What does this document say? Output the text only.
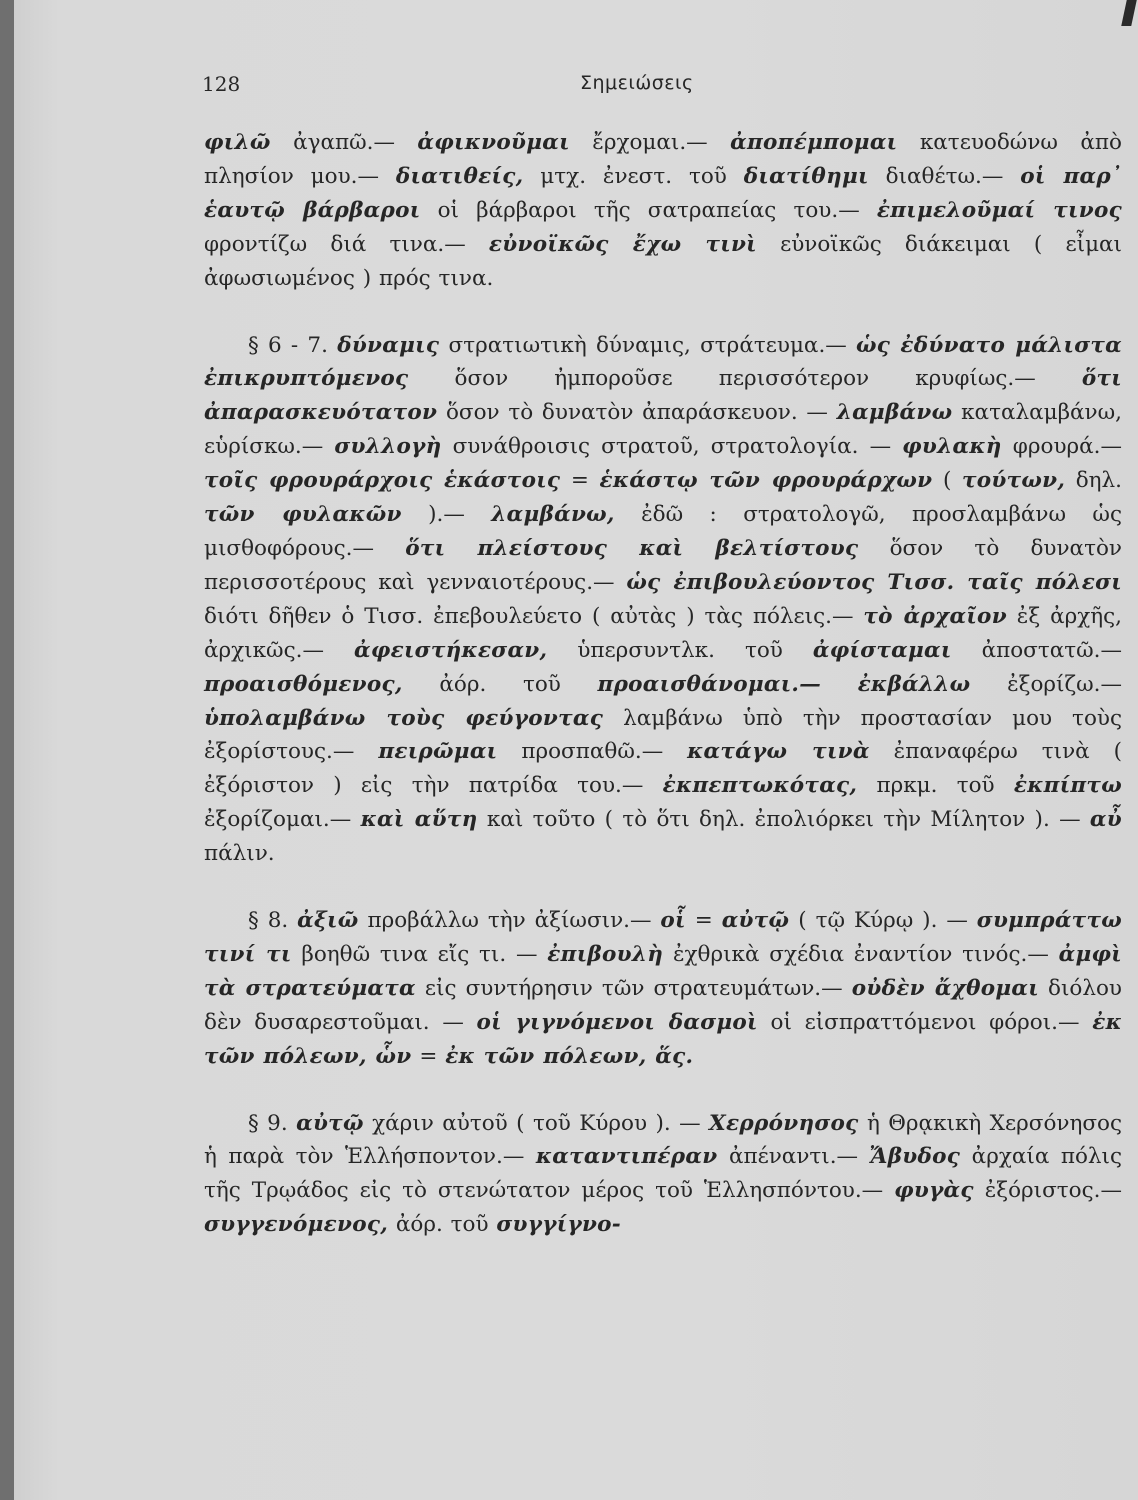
128	Σημειώσεις

φιλῶ ἀγαπῶ.— ἀφικνοῦμαι ἔρχομαι.— ἀποπέμπομαι κατευοδώνω ἀπὸ πλησίον μου.— διατιθείς, μτχ. ἐνεστ. τοῦ διατίθημι διαθέτω.— οἱ παρ᾽ ἑαυτῷ βάρβαροι οἱ βάρβαροι τῆς σατραπείας του.— ἐπιμελοῦμαί τινος φροντίζω διά τινα.— εὐνοϊκῶς ἔχω τινὶ εὐνοϊκῶς διάκειμαι ( εἶμαι ἀφωσιωμένος ) πρός τινα.

§ 6 - 7. δύναμις στρατιωτικὴ δύναμις, στράτευμα.— ὡς ἐδύνατο μάλιστα ἐπικρυπτόμενος ὅσον ἠμποροῦσε περισσότερον κρυφίως.— ὅτι ἀπαρασκευότατον ὅσον τὸ δυνατὸν ἀπαράσκευον. — λαμβάνω καταλαμβάνω, εὑρίσκω.— συλλογὴ συνάθροισις στρατοῦ, στρατολογία. — φυλακὴ φρουρά.— τοῖς φρουράρχοις ἑκάστοις = ἑκάστῳ τῶν φρουράρχων ( τούτων, δηλ. τῶν φυλακῶν ).— λαμβάνω, ἐδῶ : στρατολογῶ, προσλαμβάνω ὡς μισθοφόρους.— ὅτι πλείστους καὶ βελτίστους ὅσον τὸ δυνατὸν περισσοτέρους καὶ γενναιοτέρους.— ὡς ἐπιβουλεύοντος Τισσ. ταῖς πόλεσι διότι δῆθεν ὁ Τισσ. ἐπεβουλεύετο ( αὐτὰς ) τὰς πόλεις.— τὸ ἀρχαῖον ἐξ ἀρχῆς, ἀρχικῶς.— ἀφειστήκεσαν, ὑπερσυντλκ. τοῦ ἀφίσταμαι ἀποστατῶ.— προαισθόμενος, ἀόρ. τοῦ προαισθάνομαι.— ἐκβάλλω ἐξορίζω.— ὑπολαμβάνω τοὺς φεύγοντας λαμβάνω ὑπὸ τὴν προστασίαν μου τοὺς ἐξορίστους.— πειρῶμαι προσπαθῶ.— κατάγω τινὰ ἐπαναφέρω τινὰ ( ἐξόριστον ) εἰς τὴν πατρίδα του.— ἐκπεπτωκότας, πρκμ. τοῦ ἐκπίπτω ἐξορίζομαι.— καὶ αὕτη καὶ τοῦτο ( τὸ ὅτι δηλ. ἐπολιόρκει τὴν Μίλητον ). — αὖ πάλιν.

§ 8. ἀξιῶ προβάλλω τὴν ἀξίωσιν.— οἷ = αὐτῷ ( τῷ Κύρῳ ). — συμπράττω τινί τι βοηθῶ τινα εἴς τι. — ἐπιβουλὴ ἐχθρικὰ σχέδια ἐναντίον τινός.— ἀμφὶ τὰ στρατεύματα εἰς συντήρησιν τῶν στρατευμάτων.— οὐδὲν ἄχθομαι διόλου δὲν δυσαρεστοῦμαι. — οἱ γιγνόμενοι δασμοὶ οἱ εἰσπραττόμενοι φόροι.— ἐκ τῶν πόλεων, ὧν = ἐκ τῶν πόλεων, ἅς.

§ 9. αὐτῷ χάριν αὐτοῦ ( τοῦ Κύρου ). — Χερρόνησος ἡ Θρᾳκικὴ Χερσόνησος ἡ παρὰ τὸν Ἑλλήσποντον.— καταντιπέραν ἀπέναντι.— Ἄβυδος ἀρχαία πόλις τῆς Τρῳάδος εἰς τὸ στενώτατον μέρος τοῦ Ἑλλησπόντου.— φυγὰς ἐξόριστος.— συγγενόμενος, ἀόρ. τοῦ συγγίγνο-
